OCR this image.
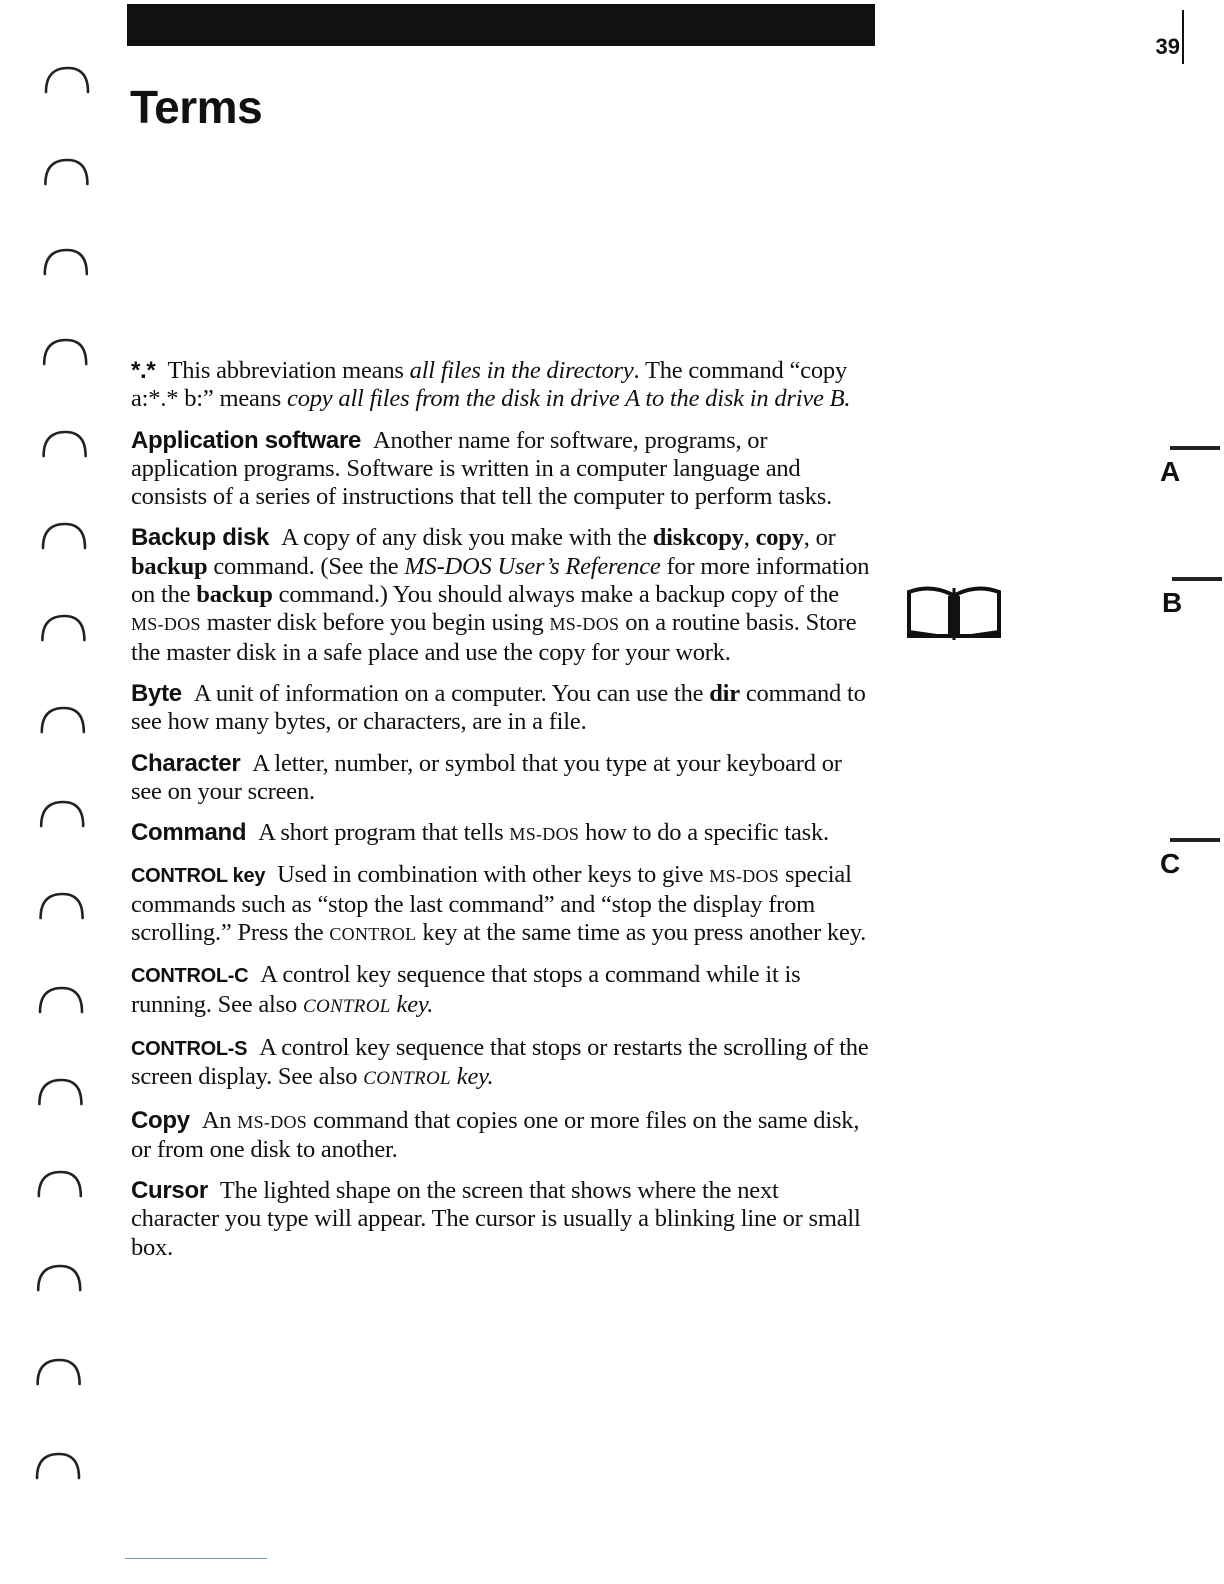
39
Terms

*.* This abbreviation means all files in the directory. The command “copy a:*.* b:” means copy all files from the disk in drive A to the disk in drive B.

Application software Another name for software, programs, or application programs. Software is written in a computer language and consists of a series of instructions that tell the computer to perform tasks.

Backup disk A copy of any disk you make with the diskcopy, copy, or backup command. (See the MS-DOS User’s Reference for more information on the backup command.) You should always make a backup copy of the MS-DOS master disk before you begin using MS-DOS on a routine basis. Store the master disk in a safe place and use the copy for your work.

Byte A unit of information on a computer. You can use the dir command to see how many bytes, or characters, are in a file.

Character A letter, number, or symbol that you type at your keyboard or see on your screen.

Command A short program that tells MS-DOS how to do a specific task.

CONTROL key Used in combination with other keys to give MS-DOS special commands such as “stop the last command” and “stop the display from scrolling.” Press the CONTROL key at the same time as you press another key.

CONTROL-C A control key sequence that stops a command while it is running. See also CONTROL key.

CONTROL-S A control key sequence that stops or restarts the scrolling of the screen display. See also CONTROL key.

Copy An MS-DOS command that copies one or more files on the same disk, or from one disk to another.

Cursor The lighted shape on the screen that shows where the next character you type will appear. The cursor is usually a blinking line or small box.

A
B
C
